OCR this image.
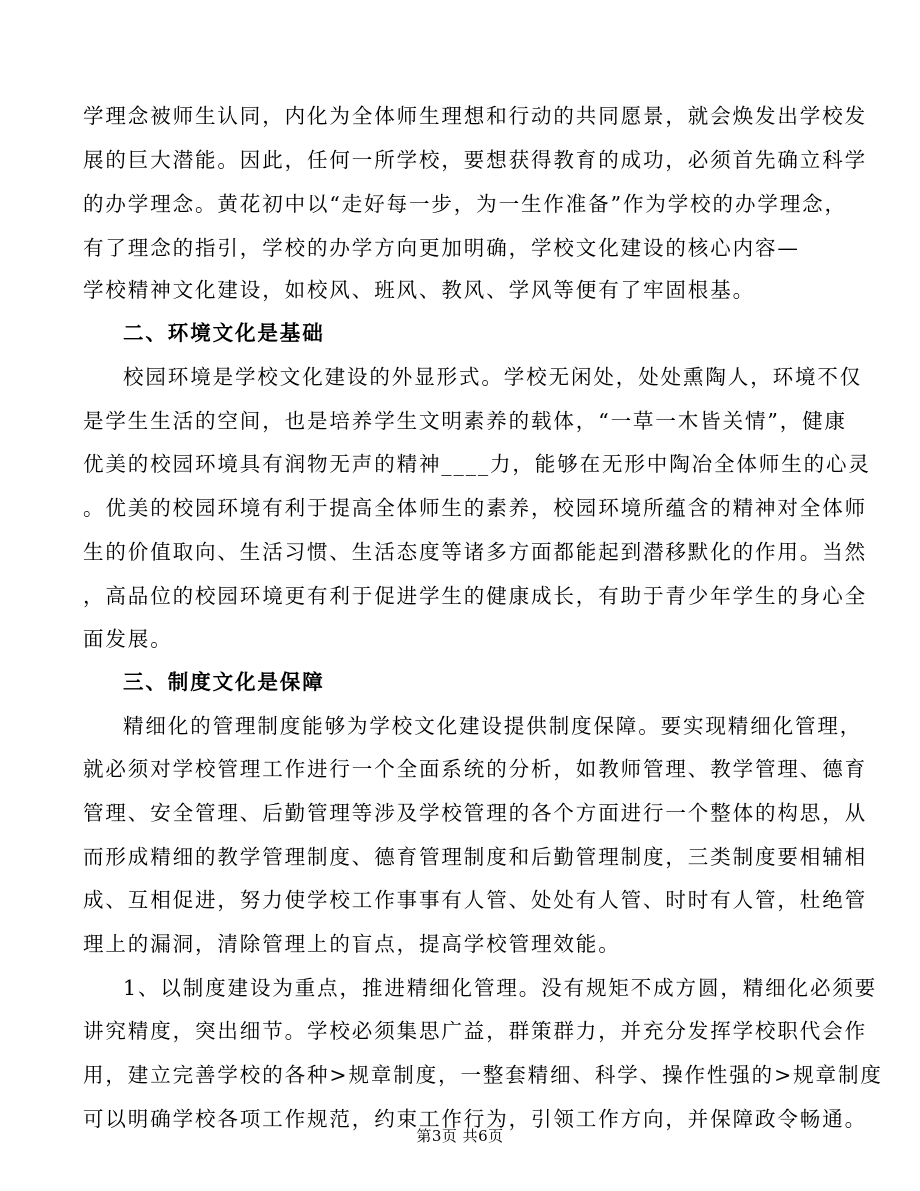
学理念被师生认同，内化为全体师生理想和行动的共同愿景，就会焕发出学校发
展的巨大潜能。因此，任何一所学校，要想获得教育的成功，必须首先确立科学
的办学理念。黄花初中以“走好每一步，为一生作准备”作为学校的办学理念，
有了理念的指引，学校的办学方向更加明确，学校文化建设的核心内容—
学校精神文化建设，如校风、班风、教风、学风等便有了牢固根基。
二、环境文化是基础
校园环境是学校文化建设的外显形式。学校无闲处，处处熏陶人，环境不仅
是学生生活的空间，也是培养学生文明素养的载体，“一草一木皆关情”，健康
优美的校园环境具有润物无声的精神____力，能够在无形中陶冶全体师生的心灵
。优美的校园环境有利于提高全体师生的素养，校园环境所蕴含的精神对全体师
生的价值取向、生活习惯、生活态度等诸多方面都能起到潜移默化的作用。当然
，高品位的校园环境更有利于促进学生的健康成长，有助于青少年学生的身心全
面发展。
三、制度文化是保障
精细化的管理制度能够为学校文化建设提供制度保障。要实现精细化管理，
就必须对学校管理工作进行一个全面系统的分析，如教师管理、教学管理、德育
管理、安全管理、后勤管理等涉及学校管理的各个方面进行一个整体的构思，从
而形成精细的教学管理制度、德育管理制度和后勤管理制度，三类制度要相辅相
成、互相促进，努力使学校工作事事有人管、处处有人管、时时有人管，杜绝管
理上的漏洞，清除管理上的盲点，提高学校管理效能。
1、以制度建设为重点，推进精细化管理。没有规矩不成方圆，精细化必须要
讲究精度，突出细节。学校必须集思广益，群策群力，并充分发挥学校职代会作
用，建立完善学校的各种>规章制度，一整套精细、科学、操作性强的>规章制度
可以明确学校各项工作规范，约束工作行为，引领工作方向，并保障政令畅通。
第3页 共6页
